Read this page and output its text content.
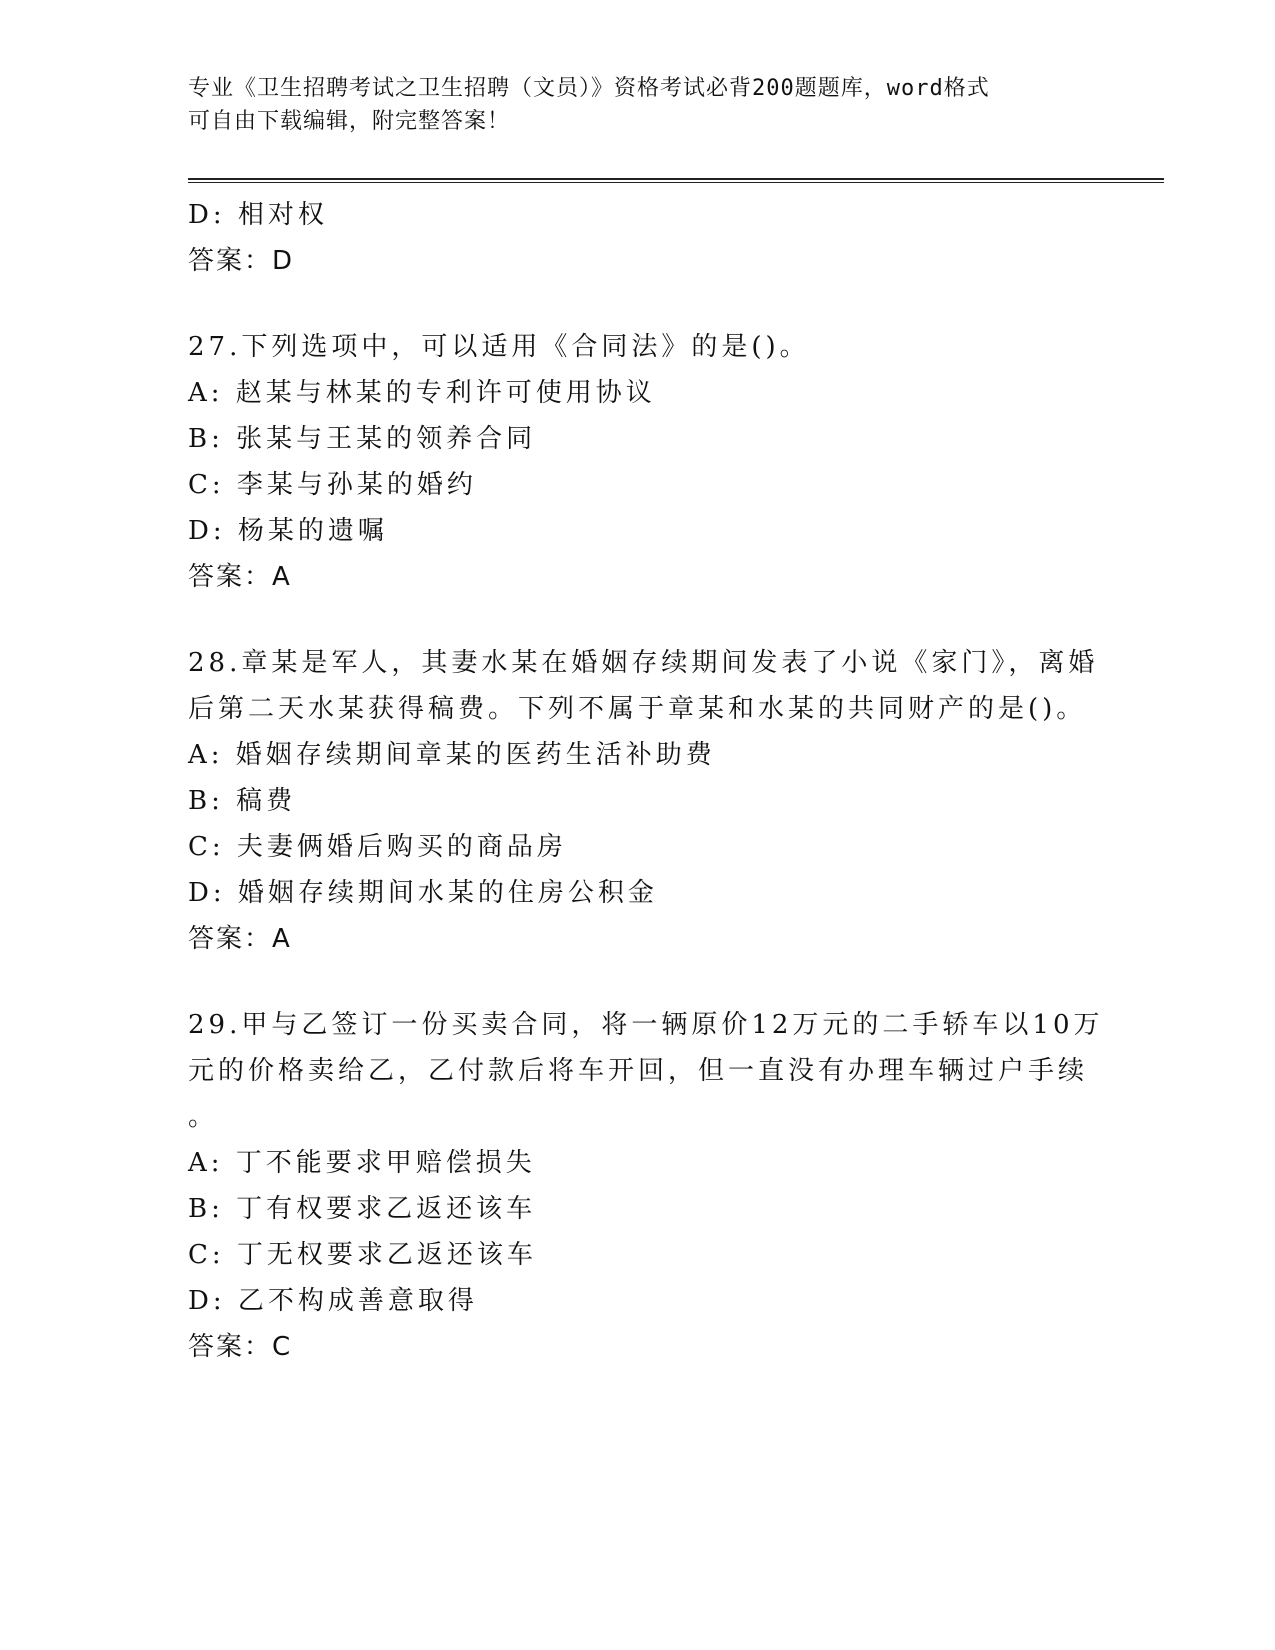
专业《卫生招聘考试之卫生招聘（文员）》资格考试必背200题题库，word格式
可自由下载编辑，附完整答案！
D: 相对权
答案：D
27.下列选项中，可以适用《合同法》的是()。
A: 赵某与林某的专利许可使用协议
B: 张某与王某的领养合同
C: 李某与孙某的婚约
D: 杨某的遗嘱
答案：A
28.章某是军人，其妻水某在婚姻存续期间发表了小说《家门》，离婚
后第二天水某获得稿费。下列不属于章某和水某的共同财产的是()。
A: 婚姻存续期间章某的医药生活补助费
B: 稿费
C: 夫妻俩婚后购买的商品房
D: 婚姻存续期间水某的住房公积金
答案：A
29.甲与乙签订一份买卖合同，将一辆原价12万元的二手轿车以10万
元的价格卖给乙，乙付款后将车开回，但一直没有办理车辆过户手续
。
A: 丁不能要求甲赔偿损失
B: 丁有权要求乙返还该车
C: 丁无权要求乙返还该车
D: 乙不构成善意取得
答案：C
